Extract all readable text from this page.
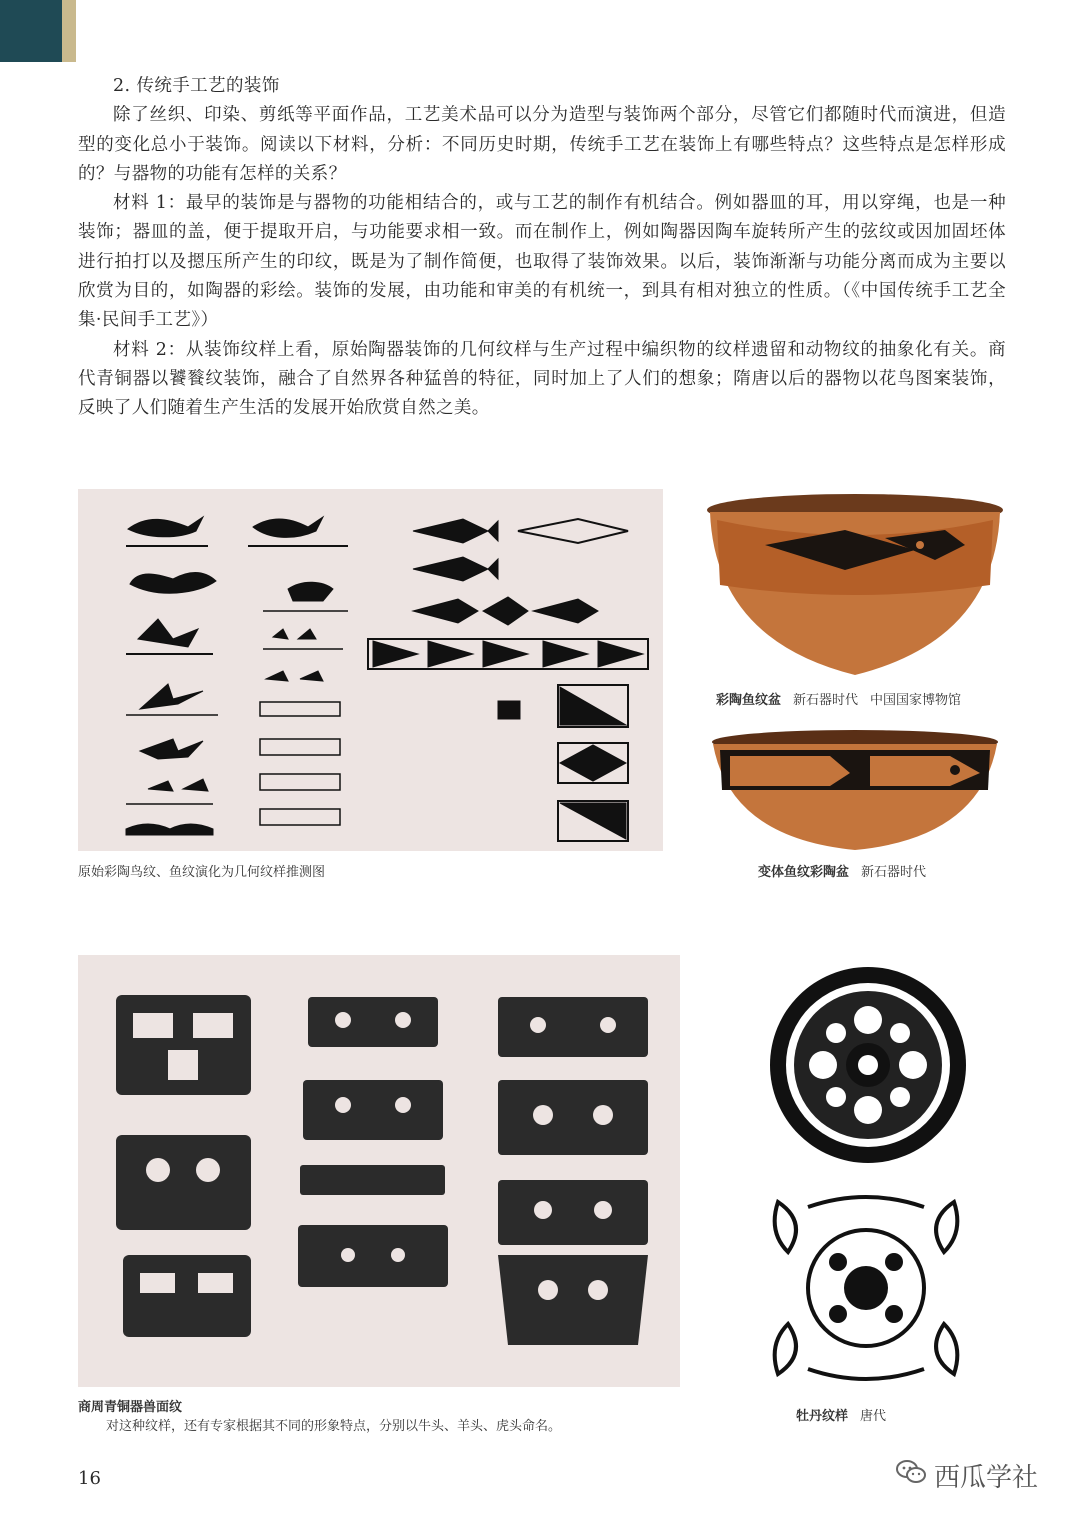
2. 传统手工艺的装饰

除了丝织、印染、剪纸等平面作品，工艺美术品可以分为造型与装饰两个部分，尽管它们都随时代而演进，但造型的变化总小于装饰。阅读以下材料，分析：不同历史时期，传统手工艺在装饰上有哪些特点？这些特点是怎样形成的？与器物的功能有怎样的关系？

材料 1：最早的装饰是与器物的功能相结合的，或与工艺的制作有机结合。例如器皿的耳，用以穿绳，也是一种装饰；器皿的盖，便于提取开启，与功能要求相一致。而在制作上，例如陶器因陶车旋转所产生的弦纹或因加固坯体进行拍打以及摁压所产生的印纹，既是为了制作简便，也取得了装饰效果。以后，装饰渐渐与功能分离而成为主要以欣赏为目的，如陶器的彩绘。装饰的发展，由功能和审美的有机统一，到具有相对独立的性质。（《中国传统手工艺全集·民间手工艺》）

材料 2：从装饰纹样上看，原始陶器装饰的几何纹样与生产过程中编织物的纹样遗留和动物纹的抽象化有关。商代青铜器以饕餮纹装饰，融合了自然界各种猛兽的特征，同时加上了人们的想象；隋唐以后的器物以花鸟图案装饰，反映了人们随着生产生活的发展开始欣赏自然之美。

原始彩陶鸟纹、鱼纹演化为几何纹样推测图
彩陶鱼纹盆 新石器时代 中国国家博物馆
变体鱼纹彩陶盆 新石器时代
商周青铜器兽面纹
对这种纹样，还有专家根据其不同的形象特点，分别以牛头、羊头、虎头命名。
牡丹纹样 唐代
16	西瓜学社
